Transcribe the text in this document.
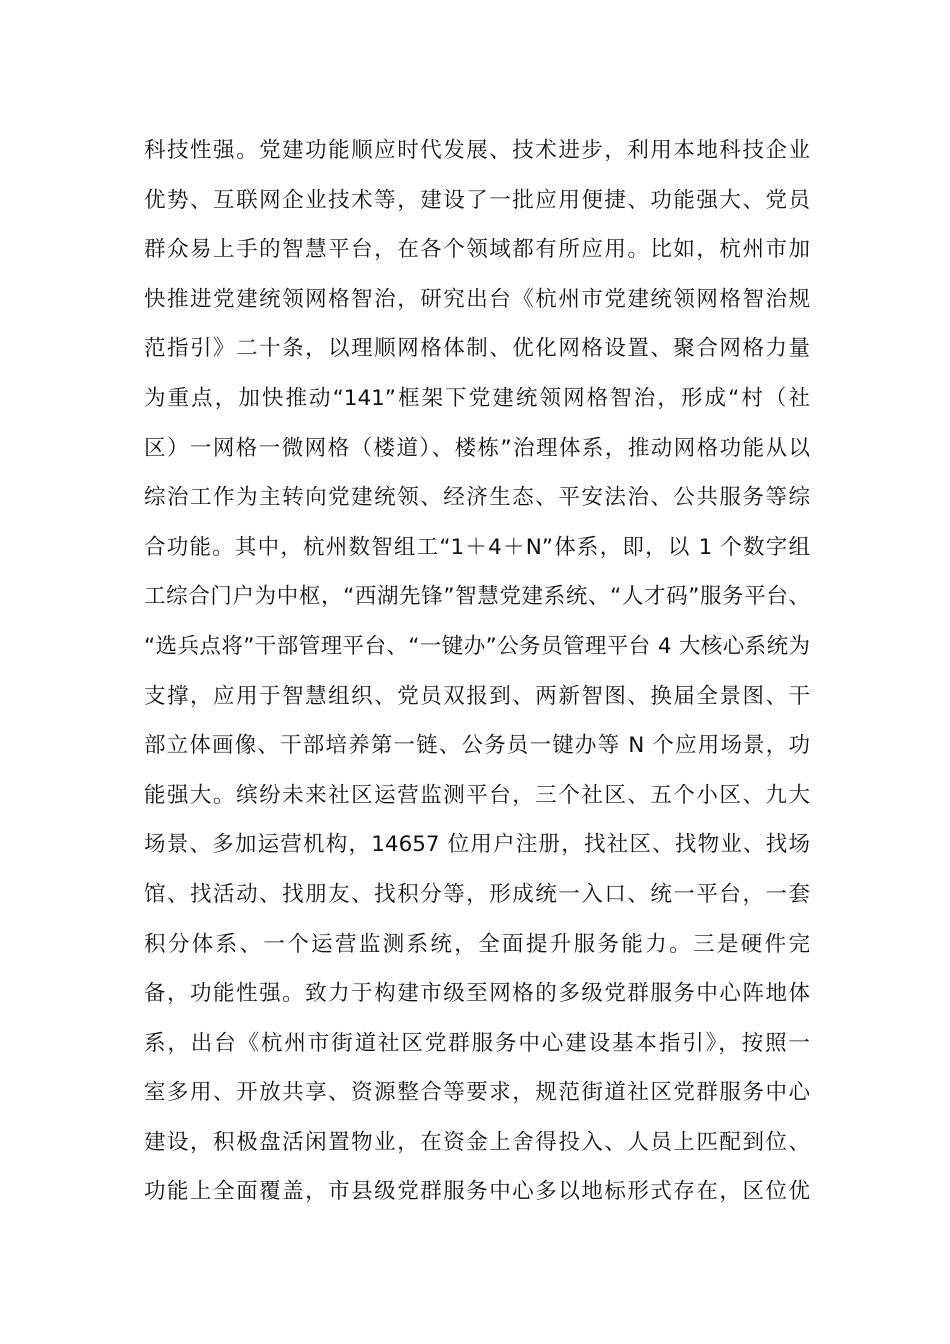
科技性强。党建功能顺应时代发展、技术进步，利用本地科技企业
优势、互联网企业技术等，建设了一批应用便捷、功能强大、党员
群众易上手的智慧平台，在各个领域都有所应用。比如，杭州市加
快推进党建统领网格智治，研究出台《杭州市党建统领网格智治规
范指引》二十条，以理顺网格体制、优化网格设置、聚合网格力量
为重点，加快推动“141”框架下党建统领网格智治，形成“村（社
区）一网格一微网格（楼道）、楼栋”治理体系，推动网格功能从以
综治工作为主转向党建统领、经济生态、平安法治、公共服务等综
合功能。其中，杭州数智组工“1＋4＋N”体系，即，以 1 个数字组
工综合门户为中枢，“西湖先锋”智慧党建系统、“人才码”服务平台、
“选兵点将”干部管理平台、“一键办”公务员管理平台 4 大核心系统为
支撑，应用于智慧组织、党员双报到、两新智图、换届全景图、干
部立体画像、干部培养第一链、公务员一键办等 N 个应用场景，功
能强大。缤纷未来社区运营监测平台，三个社区、五个小区、九大
场景、多加运营机构，14657 位用户注册，找社区、找物业、找场
馆、找活动、找朋友、找积分等，形成统一入口、统一平台，一套
积分体系、一个运营监测系统，全面提升服务能力。三是硬件完
备，功能性强。致力于构建市级至网格的多级党群服务中心阵地体
系，出台《杭州市街道社区党群服务中心建设基本指引》，按照一
室多用、开放共享、资源整合等要求，规范街道社区党群服务中心
建设，积极盘活闲置物业，在资金上舍得投入、人员上匹配到位、
功能上全面覆盖，市县级党群服务中心多以地标形式存在，区位优
